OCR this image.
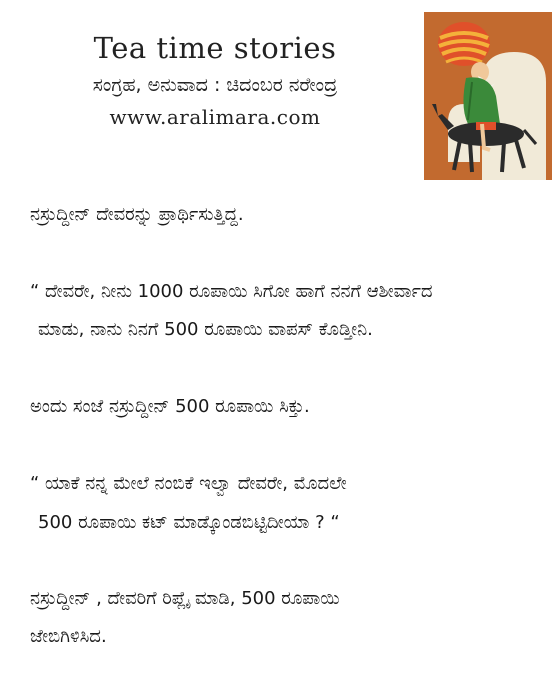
Tea time stories
ಸಂಗ್ರಹ, ಅನುವಾದ : ಚಿದಂಬರ ನರೇಂದ್ರ
www.aralimara.com
ನಸ್ರುದ್ದೀನ್ ದೇವರನ್ನು ಪ್ರಾರ್ಥಿಸುತ್ತಿದ್ದ.
“ ದೇವರೇ, ನೀನು 1000 ರೂಪಾಯಿ ಸಿಗೋ ಹಾಗೆ ನನಗೆ ಆಶೀರ್ವಾದ
ಮಾಡು, ನಾನು ನಿನಗೆ 500 ರೂಪಾಯಿ ವಾಪಸ್ ಕೊಡ್ತೀನಿ.
ಅಂದು ಸಂಜೆ ನಸ್ರುದ್ದೀನ್ 500 ರೂಪಾಯಿ ಸಿಕ್ತು.
“ ಯಾಕೆ ನನ್ನ ಮೇಲೆ ನಂಬಿಕೆ ಇಲ್ವಾ ದೇವರೇ, ಮೊದಲೇ
500 ರೂಪಾಯಿ ಕಟ್ ಮಾಡ್ಕೊಂಡಬಿಟ್ಟಿದೀಯಾ ? “
ನಸ್ರುದ್ದೀನ್ , ದೇವರಿಗೆ ರಿಪ್ಲೈ ಮಾಡಿ, 500 ರೂಪಾಯಿ
ಜೇಬಿಗಿಳಿಸಿದ.
